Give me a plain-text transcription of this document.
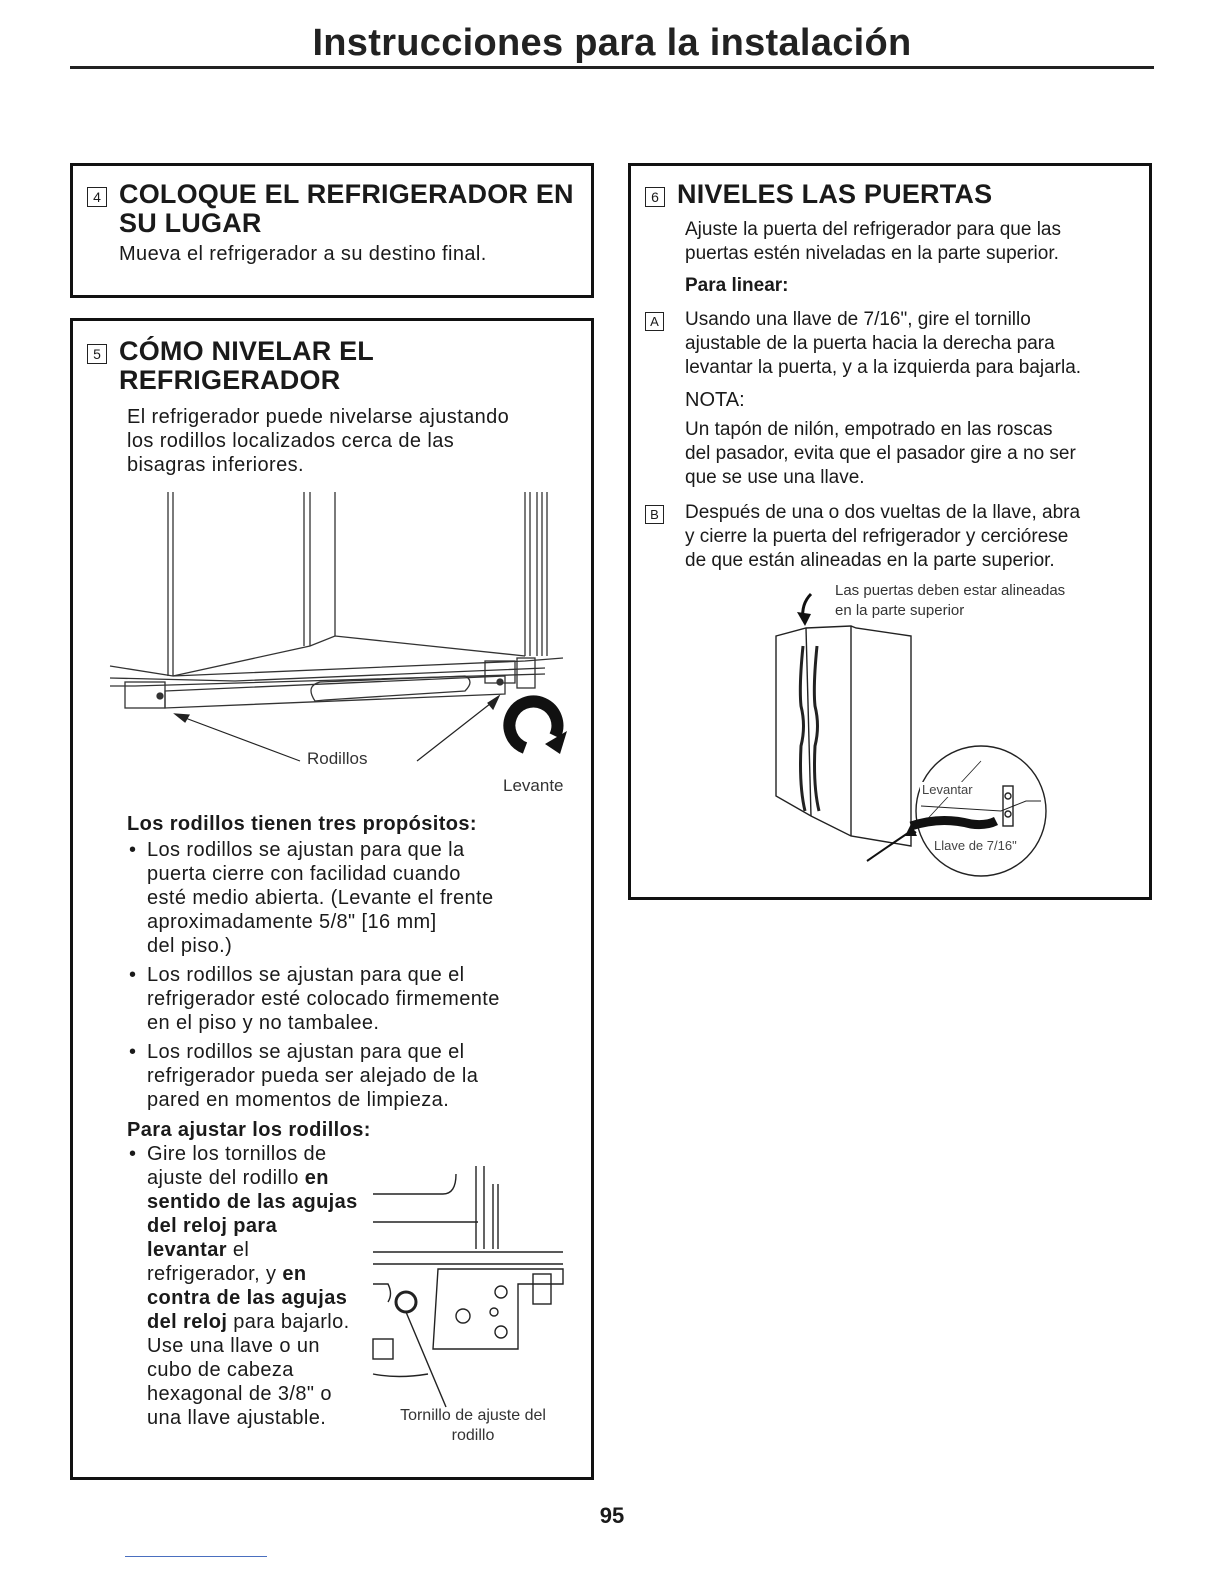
Instrucciones para la instalación
4 COLOQUE EL REFRIGERADOR EN
SU LUGAR
Mueva el refrigerador a su destino final.
5 CÓMO NIVELAR EL
REFRIGERADOR
El refrigerador puede nivelarse ajustando
los rodillos localizados cerca de las
bisagras inferiores.
Rodillos
Levante
Los rodillos tienen tres propósitos:
• Los rodillos se ajustan para que la
puerta cierre con facilidad cuando
esté medio abierta. (Levante el frente
aproximadamente 5/8" [16 mm]
del piso.)
• Los rodillos se ajustan para que el
refrigerador esté colocado firmemente
en el piso y no tambalee.
• Los rodillos se ajustan para que el
refrigerador pueda ser alejado de la
pared en momentos de limpieza.
Para ajustar los rodillos:
• Gire los tornillos de
ajuste del rodillo en
sentido de las agujas
del reloj para
levantar el
refrigerador, y en
contra de las agujas
del reloj para bajarlo.
Use una llave o un
cubo de cabeza
hexagonal de 3/8" o
una llave ajustable.	Tornillo de ajuste del
rodillo
6 NIVELES LAS PUERTAS
Ajuste la puerta del refrigerador para que las
puertas estén niveladas en la parte superior.
Para linear:
A Usando una llave de 7/16", gire el tornillo
ajustable de la puerta hacia la derecha para
levantar la puerta, y a la izquierda para bajarla.
NOTA:
Un tapón de nilón, empotrado en las roscas
del pasador, evita que el pasador gire a no ser
que se use una llave.
B Después de una o dos vueltas de la llave, abra
y cierre la puerta del refrigerador y cerciórese
de que están alineadas en la parte superior.
Las puertas deben estar alineadas
en la parte superior
Levantar
Llave de 7/16"
95
